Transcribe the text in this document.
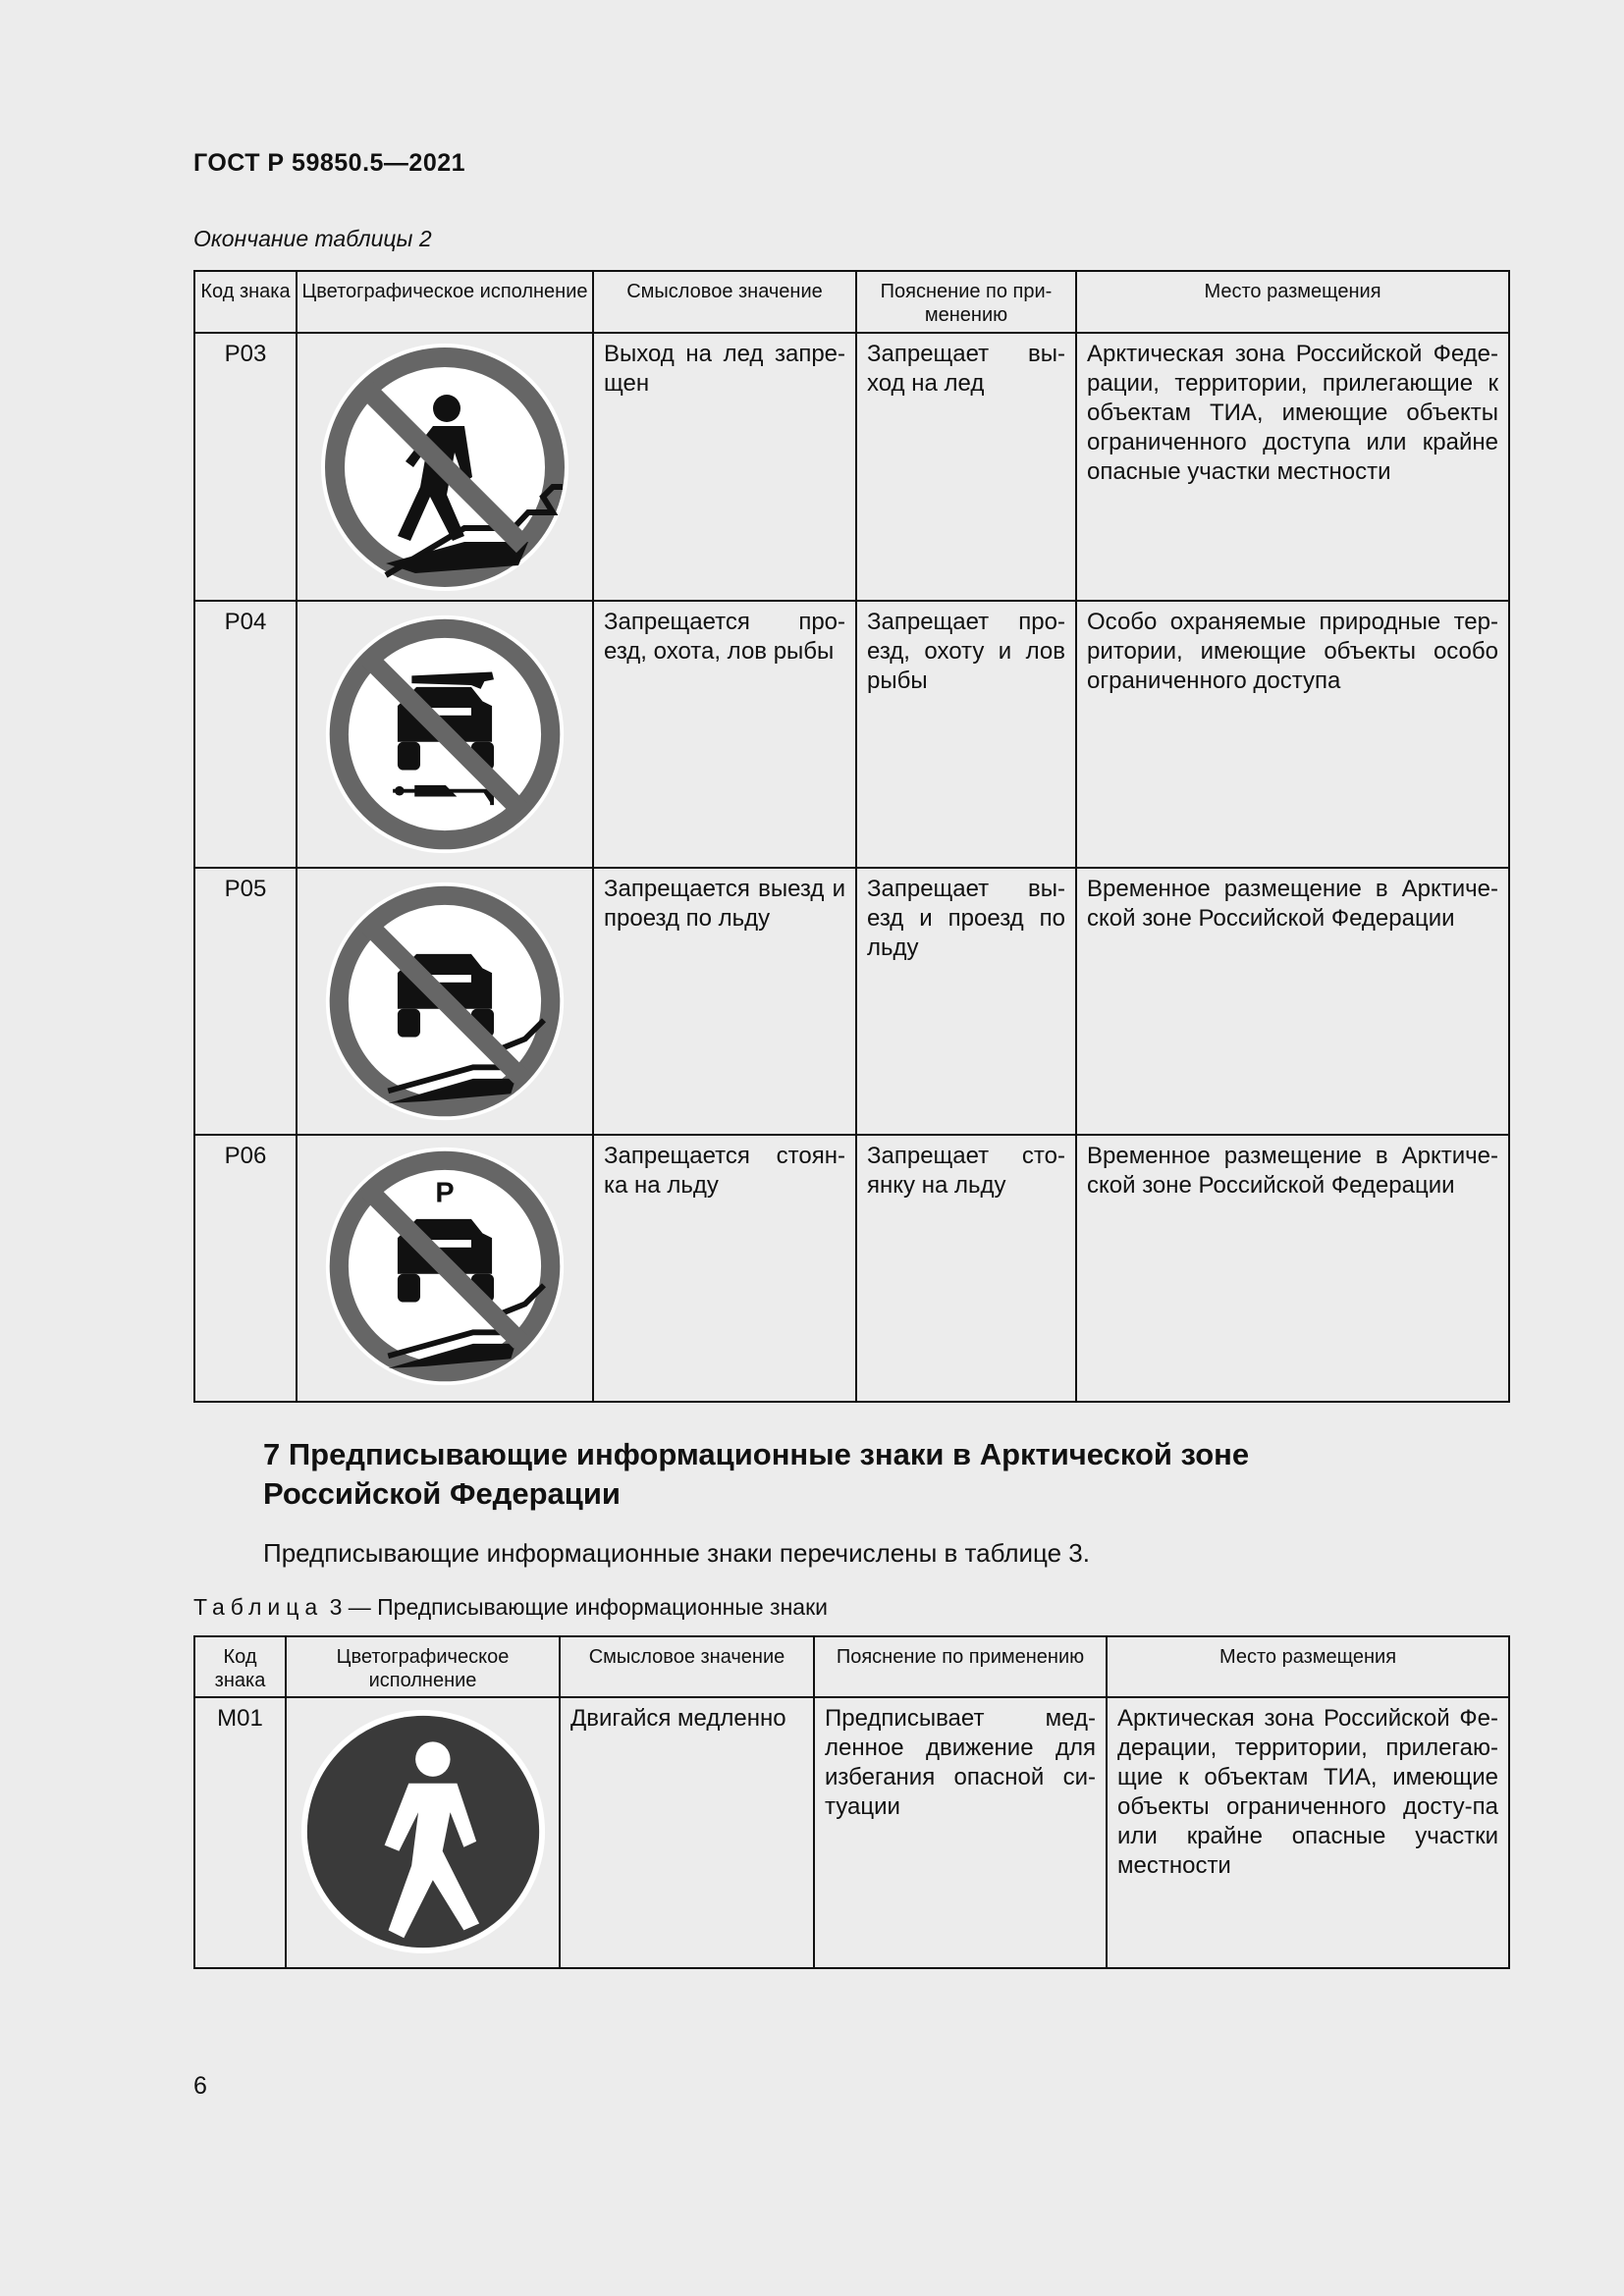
ГОСТ Р 59850.5—2021
Окончание таблицы 2
Код знака	Цветографическое исполнение	Смысловое значение	Пояснение по при-менению	Место размещения
Р03		Выход на лед запре-щен	Запрещает вы-ход на лед	Арктическая зона Российской Феде-рации, территории, прилегающие к объектам ТИА, имеющие объекты ограниченного доступа или крайне опасные участки местности
Р04		Запрещается про-езд, охота, лов рыбы	Запрещает про-езд, охоту и лов рыбы	Особо охраняемые природные тер-ритории, имеющие объекты особо ограниченного доступа
Р05		Запрещается выезд и проезд по льду	Запрещает вы-езд и проезд по льду	Временное размещение в Арктиче-ской зоне Российской Федерации
Р06	P	Запрещается стоян-ка на льду	Запрещает сто-янку на льду	Временное размещение в Арктиче-ской зоне Российской Федерации
7 Предписывающие информационные знаки в Арктической зоне Российской Федерации
Предписывающие информационные знаки перечислены в таблице 3.
Таблица 3 — Предписывающие информационные знаки
Код знака	Цветографическое исполнение	Смысловое значение	Пояснение по применению	Место размещения
М01		Двигайся медленно	Предписывает мед-ленное движение для избегания опасной си-туации	Арктическая зона Российской Фе-дерации, территории, прилегаю-щие к объектам ТИА, имеющие объекты ограниченного досту-па или крайне опасные участки местности
6
